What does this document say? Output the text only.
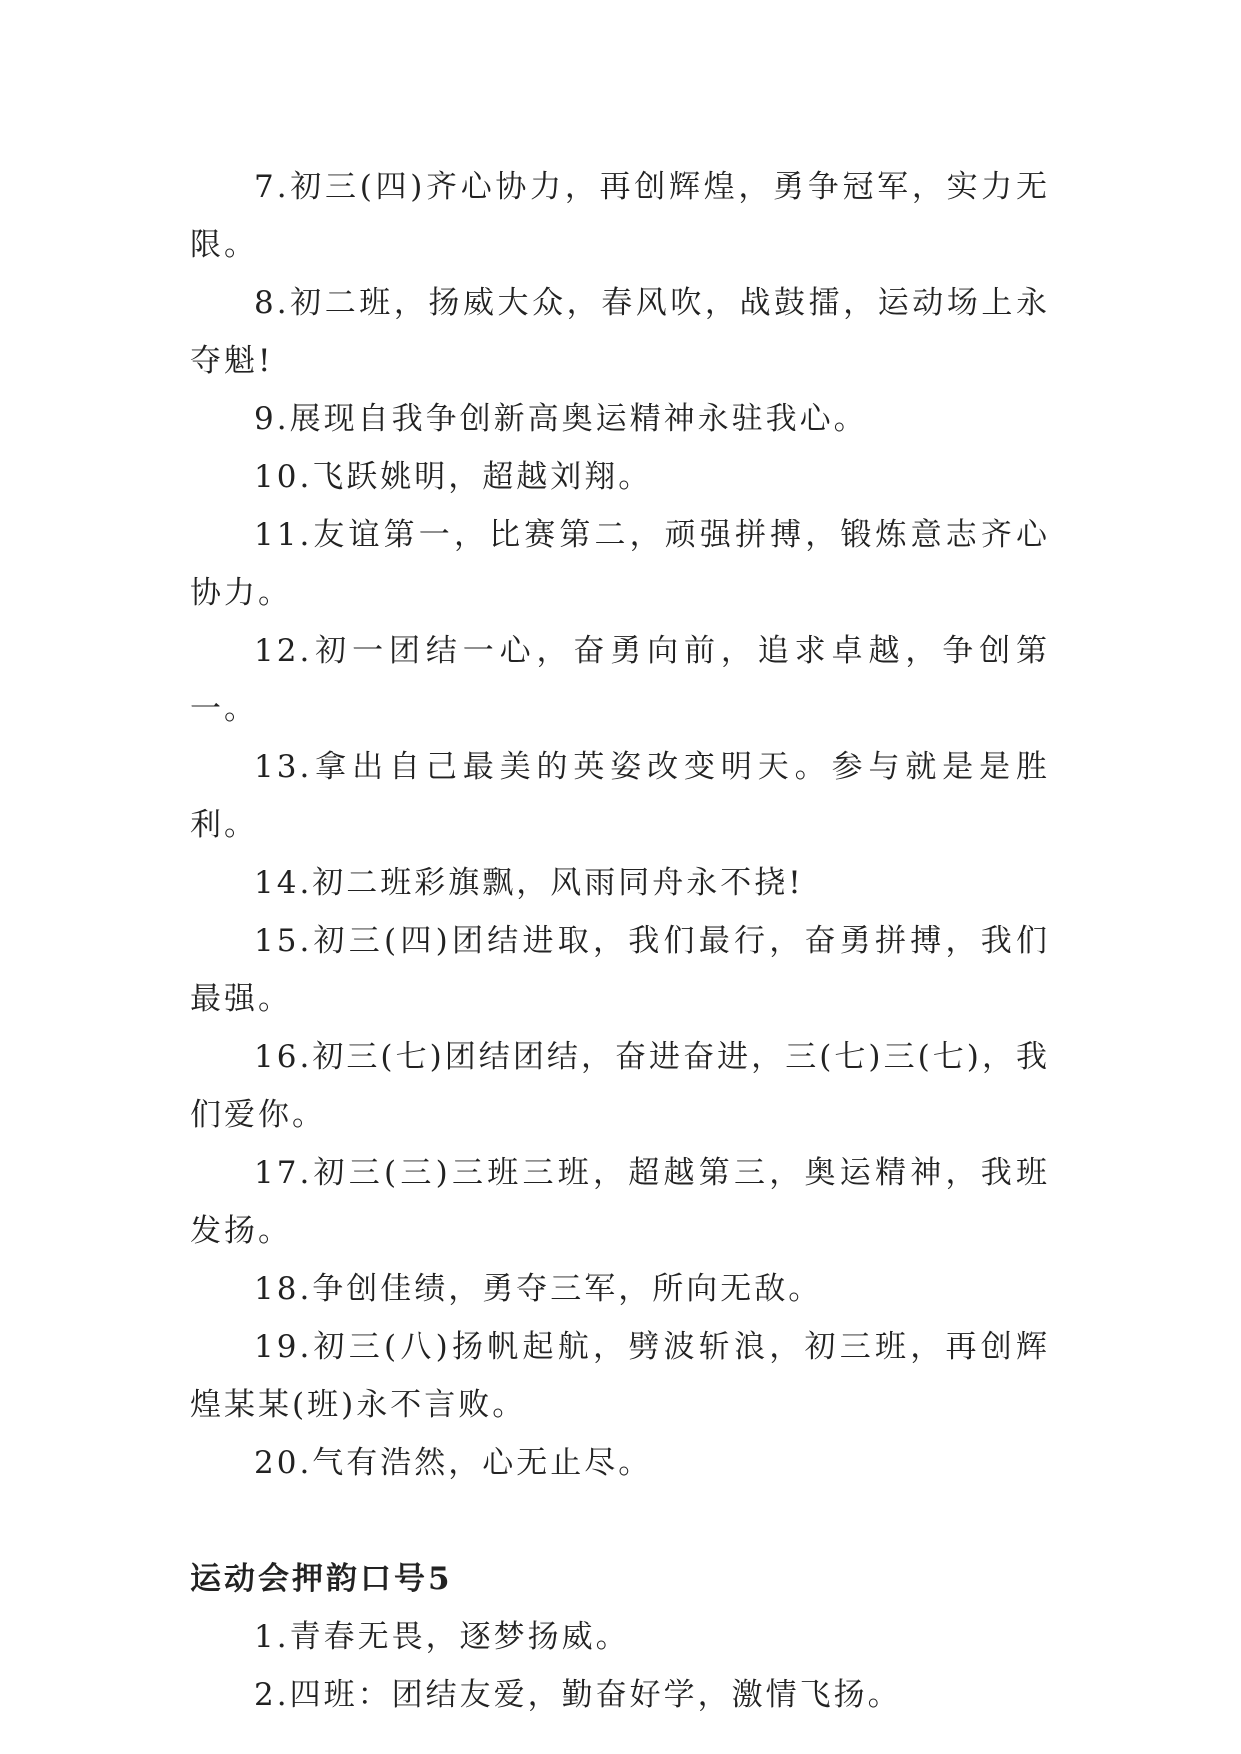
7.初三(四)齐心协力，再创辉煌，勇争冠军，实力无限。

8.初二班，扬威大众，春风吹，战鼓擂，运动场上永夺魁!

9.展现自我争创新高奥运精神永驻我心。

10.飞跃姚明，超越刘翔。

11.友谊第一，比赛第二，顽强拼搏，锻炼意志齐心协力。

12.初一团结一心，奋勇向前，追求卓越，争创第一。

13.拿出自己最美的英姿改变明天。参与就是是胜利。

14.初二班彩旗飘，风雨同舟永不挠!

15.初三(四)团结进取，我们最行，奋勇拼搏，我们最强。

16.初三(七)团结团结，奋进奋进，三(七)三(七)，我们爱你。

17.初三(三)三班三班，超越第三，奥运精神，我班发扬。

18.争创佳绩，勇夺三军，所向无敌。

19.初三(八)扬帆起航，劈波斩浪，初三班，再创辉煌某某(班)永不言败。

20.气有浩然，心无止尽。

运动会押韵口号5

1.青春无畏，逐梦扬威。

2.四班：团结友爱，勤奋好学，激情飞扬。
